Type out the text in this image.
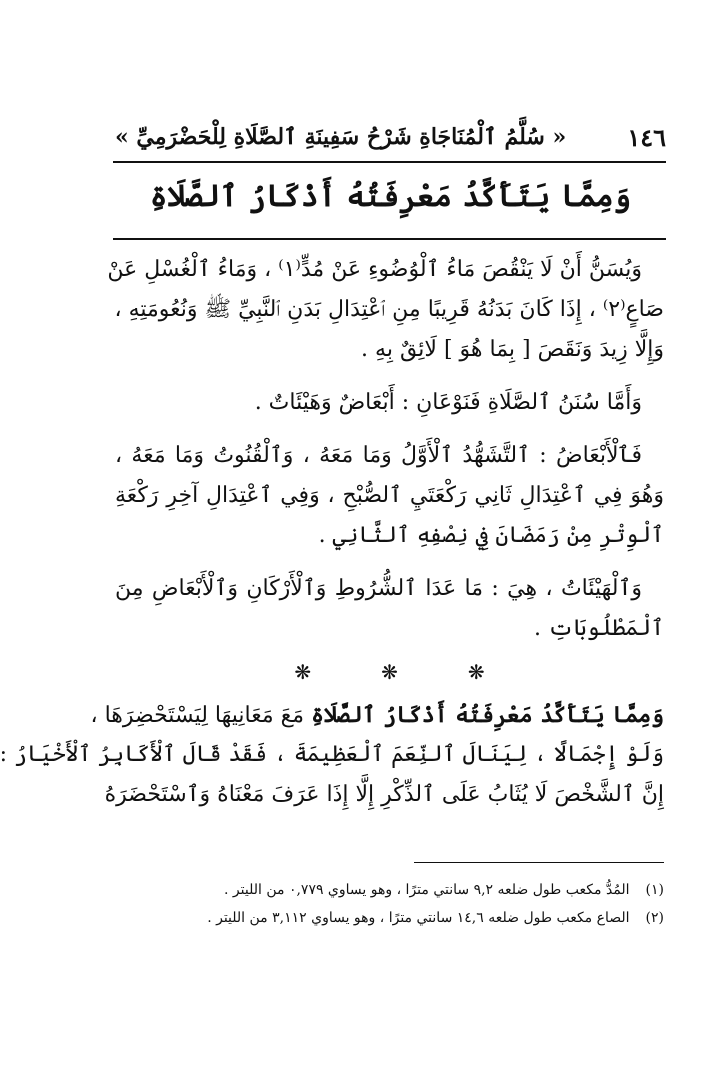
١٤٦
« سُلَّمُ ٱلْمُنَاجَاةِ شَرْحُ سَفِينَةِ ٱلصَّلَاةِ لِلْحَضْرَمِيِّ »
وَمِمَّا يَتَأَكَّدُ مَعْرِفَتُهُ أَذْكَارُ ٱلصَّلَاةِ
وَيُسَنُّ أَنْ لَا يَنْقُصَ مَاءُ ٱلْوُضُوءِ عَنْ مُدٍّ⁽١⁾ ، وَمَاءُ ٱلْغُسْلِ عَنْ
صَاعٍ⁽٢⁾ ، إِذَا كَانَ بَدَنُهُ قَرِيبًا مِنِ ٱعْتِدَالِ بَدَنِ ٱلنَّبِيِّ ﷺ وَنُعُومَتِهِ ،
وَإِلَّا زِيدَ وَنَقَصَ [ بِمَا هُوَ ] لَائِقٌ بِهِ .
وَأَمَّا سُنَنُ ٱلصَّلَاةِ فَنَوْعَانِ : أَبْعَاضٌ وَهَيْئَاتٌ .
فَٱلْأَبْعَاضُ : ٱلتَّشَهُّدُ ٱلْأَوَّلُ وَمَا مَعَهُ ، وَٱلْقُنُوتُ وَمَا مَعَهُ ،
وَهُوَ فِي ٱعْتِدَالِ ثَانِي رَكْعَتَيِ ٱلصُّبْحِ ، وَفِي ٱعْتِدَالِ آخِرِ رَكْعَةِ
ٱلْوِتْرِ مِنْ رَمَضَانَ فِي نِصْفِهِ ٱلثَّانِي .
وَٱلْهَيْئَاتُ ، هِيَ : مَا عَدَا ٱلشُّرُوطِ وَٱلْأَرْكَانِ وَٱلْأَبْعَاضِ مِنَ
ٱلْمَطْلُوبَاتِ .
❋	❋	❋
وَمِمَّا يَتَأَكَّدُ مَعْرِفَتُهُ أَذْكَارُ ٱلصَّلَاةِ مَعَ مَعَانِيهَا لِيَسْتَحْضِرَهَا ،
وَلَوْ إِجْمَالًا ، لِيَنَالَ ٱلنِّعَمَ ٱلْعَظِيمَةَ ، فَقَدْ قَالَ ٱلْأَكَابِرُ ٱلْأَخْيَارُ :
إِنَّ ٱلشَّخْصَ لَا يُثَابُ عَلَى ٱلذِّكْرِ إِلَّا إِذَا عَرَفَ مَعْنَاهُ وَٱسْتَحْضَرَهُ
(١) المُدُّ مكعب طول ضلعه ٩,٢ سانتي مترًا ، وهو يساوي ٠,٧٧٩ من الليتر .
(٢) الصاع مكعب طول ضلعه ١٤,٦ سانتي مترًا ، وهو يساوي ٣,١١٢ من الليتر .
